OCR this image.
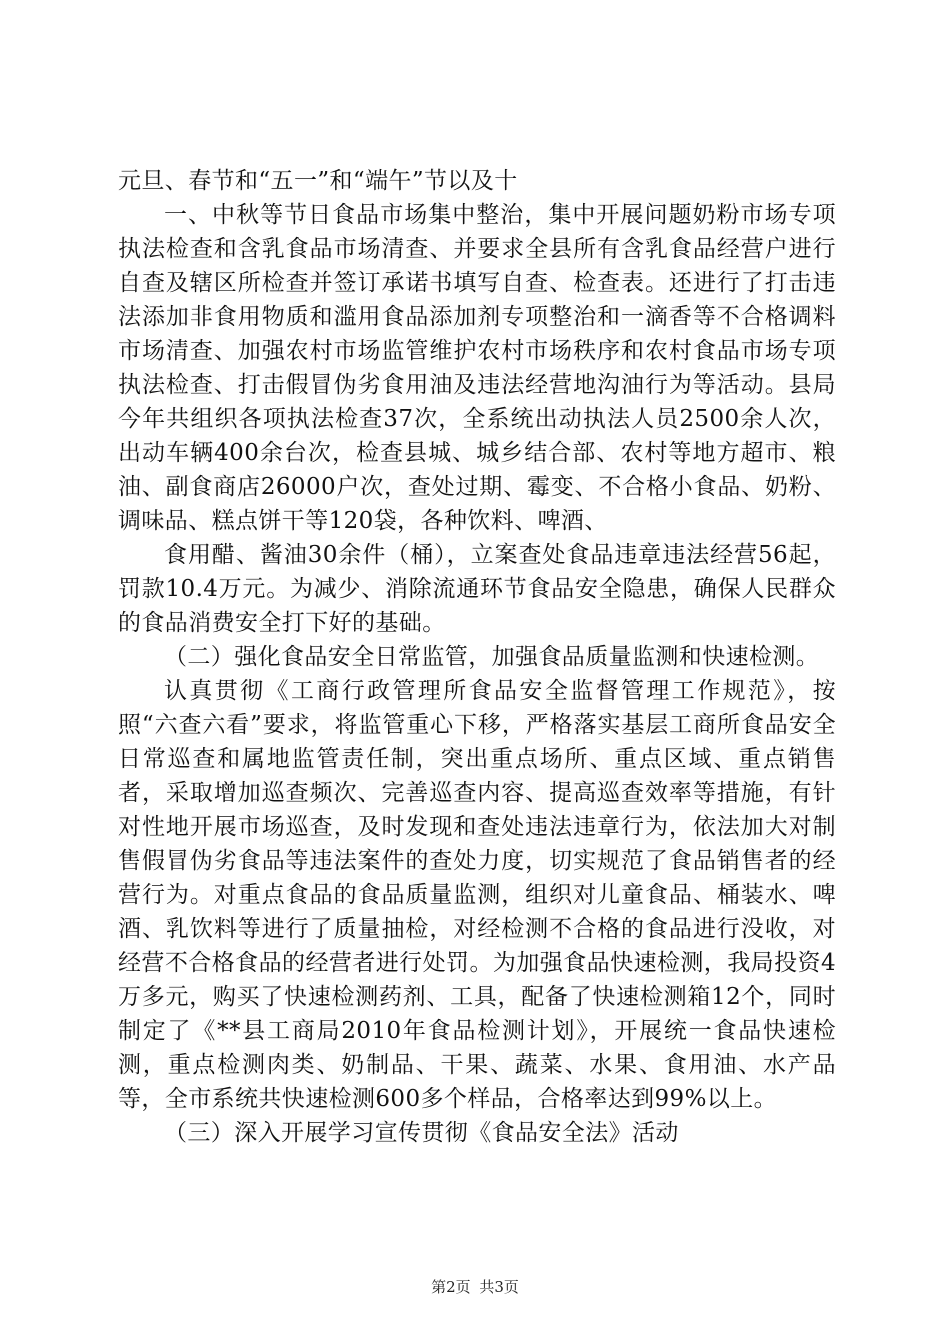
元旦、春节和“五一”和“端午”节以及十

一、中秋等节日食品市场集中整治，集中开展问题奶粉市场专项执法检查和含乳食品市场清查、并要求全县所有含乳食品经营户进行自查及辖区所检查并签订承诺书填写自查、检查表。还进行了打击违法添加非食用物质和滥用食品添加剂专项整治和一滴香等不合格调料市场清查、加强农村市场监管维护农村市场秩序和农村食品市场专项执法检查、打击假冒伪劣食用油及违法经营地沟油行为等活动。县局今年共组织各项执法检查37次，全系统出动执法人员2500余人次，出动车辆400余台次，检查县城、城乡结合部、农村等地方超市、粮油、副食商店26000户次，查处过期、霉变、不合格小食品、奶粉、调味品、糕点饼干等120袋，各种饮料、啤酒、

食用醋、酱油30余件（桶），立案查处食品违章违法经营56起，罚款10.4万元。为减少、消除流通环节食品安全隐患，确保人民群众的食品消费安全打下好的基础。

（二）强化食品安全日常监管，加强食品质量监测和快速检测。

认真贯彻《工商行政管理所食品安全监督管理工作规范》，按照“六查六看”要求，将监管重心下移，严格落实基层工商所食品安全日常巡查和属地监管责任制，突出重点场所、重点区域、重点销售者，采取增加巡查频次、完善巡查内容、提高巡查效率等措施，有针对性地开展市场巡查，及时发现和查处违法违章行为，依法加大对制售假冒伪劣食品等违法案件的查处力度，切实规范了食品销售者的经营行为。对重点食品的食品质量监测，组织对儿童食品、桶装水、啤酒、乳饮料等进行了质量抽检，对经检测不合格的食品进行没收，对经营不合格食品的经营者进行处罚。为加强食品快速检测，我局投资4万多元，购买了快速检测药剂、工具，配备了快速检测箱12个，同时制定了《**县工商局2010年食品检测计划》，开展统一食品快速检测，重点检测肉类、奶制品、干果、蔬菜、水果、食用油、水产品等，全市系统共快速检测600多个样品，合格率达到99%以上。

（三）深入开展学习宣传贯彻《食品安全法》活动

第2页 共3页
